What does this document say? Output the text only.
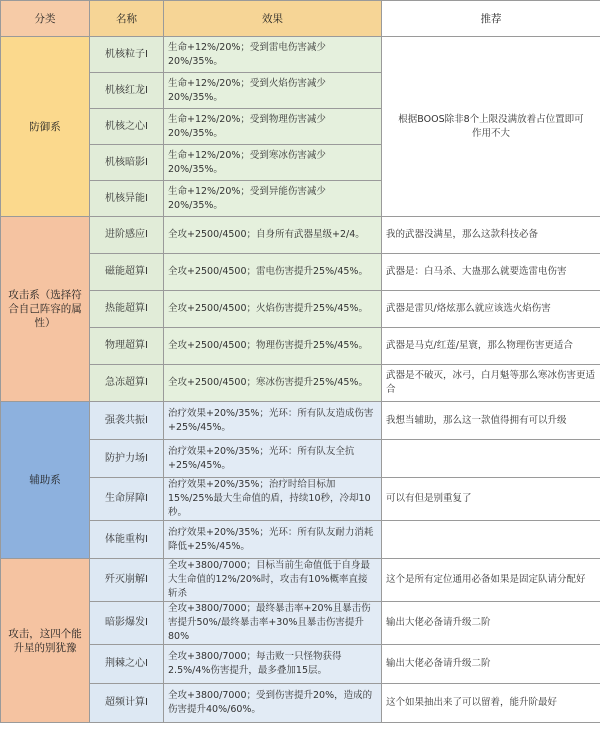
分类	名称	效果	推荐
防御系	机核粒子I	生命+12%/20%；受到雷电伤害减少20%/35%。	根据BOOS除非8个上限没满放着占位置即可作用不大
	机核红龙I	生命+12%/20%；受到火焰伤害减少20%/35%。	
	机核之心I	生命+12%/20%；受到物理伤害减少20%/35%。	
	机核暗影I	生命+12%/20%；受到寒冰伤害减少20%/35%。	
	机核异能I	生命+12%/20%；受到异能伤害减少20%/35%。	
攻击系（选择符合自己阵容的属性）	进阶感应I	全攻+2500/4500；自身所有武器星级+2/4。	我的武器没满星，那么这款科技必备
	磁能超算I	全攻+2500/4500；雷电伤害提升25%/45%。	武器是：白马杀、大蛊那么就要选雷电伤害
	热能超算I	全攻+2500/4500；火焰伤害提升25%/45%。	武器是雷贝/烙炫那么就应该选火焰伤害
	物理超算I	全攻+2500/4500；物理伤害提升25%/45%。	武器是马克/红莲/星寰，那么物理伤害更适合
	急冻超算I	全攻+2500/4500；寒冰伤害提升25%/45%。	武器是不破灭，冰弓，白月魁等那么寒冰伤害更适合
辅助系	强袭共振I	治疗效果+20%/35%；光环：所有队友造成伤害+25%/45%。	我想当辅助，那么这一款值得拥有可以升级
	防护力场I	治疗效果+20%/35%；光环：所有队友全抗+25%/45%。	
	生命屏障I	治疗效果+20%/35%；治疗时给目标加15%/25%最大生命值的盾，持续10秒，冷却10秒。	可以有但是别重复了
	体能重构I	治疗效果+20%/35%；光环：所有队友耐力消耗降低+25%/45%。	
攻击，这四个能升星的别犹豫	歼灭崩解I	全攻+3800/7000；目标当前生命值低于自身最大生命值的12%/20%时，攻击有10%概率直接斩杀	这个是所有定位通用必备如果是固定队请分配好
	暗影爆发I	全攻+3800/7000；最终暴击率+20%且暴击伤害提升50%/最终暴击率+30%且暴击伤害提升80%	输出大佬必备请升级二阶
	荆棘之心I	全攻+3800/7000；每击败一只怪物获得2.5%/4%伤害提升，最多叠加15层。	输出大佬必备请升级二阶
	超频计算I	全攻+3800/7000；受到伤害提升20%，造成的伤害提升40%/60%。	这个如果抽出来了可以留着，能升阶最好
